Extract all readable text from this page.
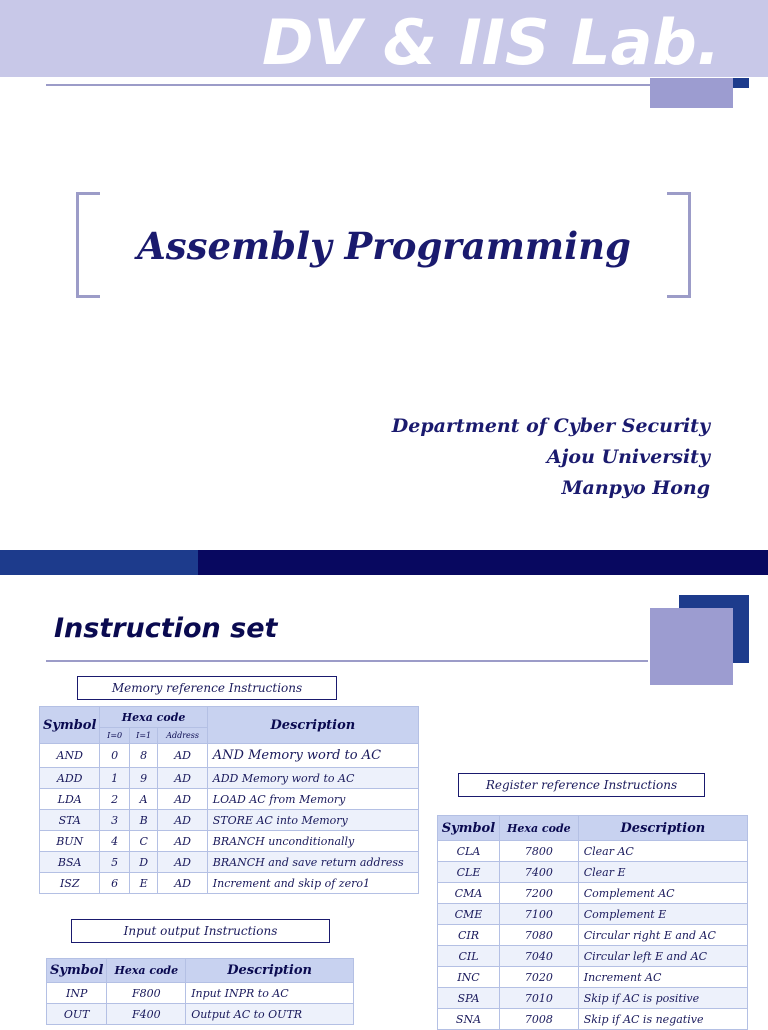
DV & IIS Lab.
Assembly Programming
Department of Cyber Security
Ajou University
Manpyo Hong
Instruction set
Memory reference Instructions
Symbol	Hexa code			Description
	I=0	I=1	Address	
AND	0	8	AD	AND Memory word to AC
ADD	1	9	AD	ADD Memory word to AC
LDA	2	A	AD	LOAD AC from Memory
STA	3	B	AD	STORE AC into Memory
BUN	4	C	AD	BRANCH unconditionally
BSA	5	D	AD	BRANCH and save return address
ISZ	6	E	AD	Increment and skip of zero1
Register reference Instructions
Symbol	Hexa code	Description
CLA	7800	Clear AC
CLE	7400	Clear E
CMA	7200	Complement AC
CME	7100	Complement E
CIR	7080	Circular right E and AC
CIL	7040	Circular left E and AC
INC	7020	Increment AC
SPA	7010	Skip if AC is positive
SNA	7008	Skip if AC is negative
Input output Instructions
Symbol	Hexa code	Description
INP	F800	Input INPR to AC
OUT	F400	Output AC to OUTR
